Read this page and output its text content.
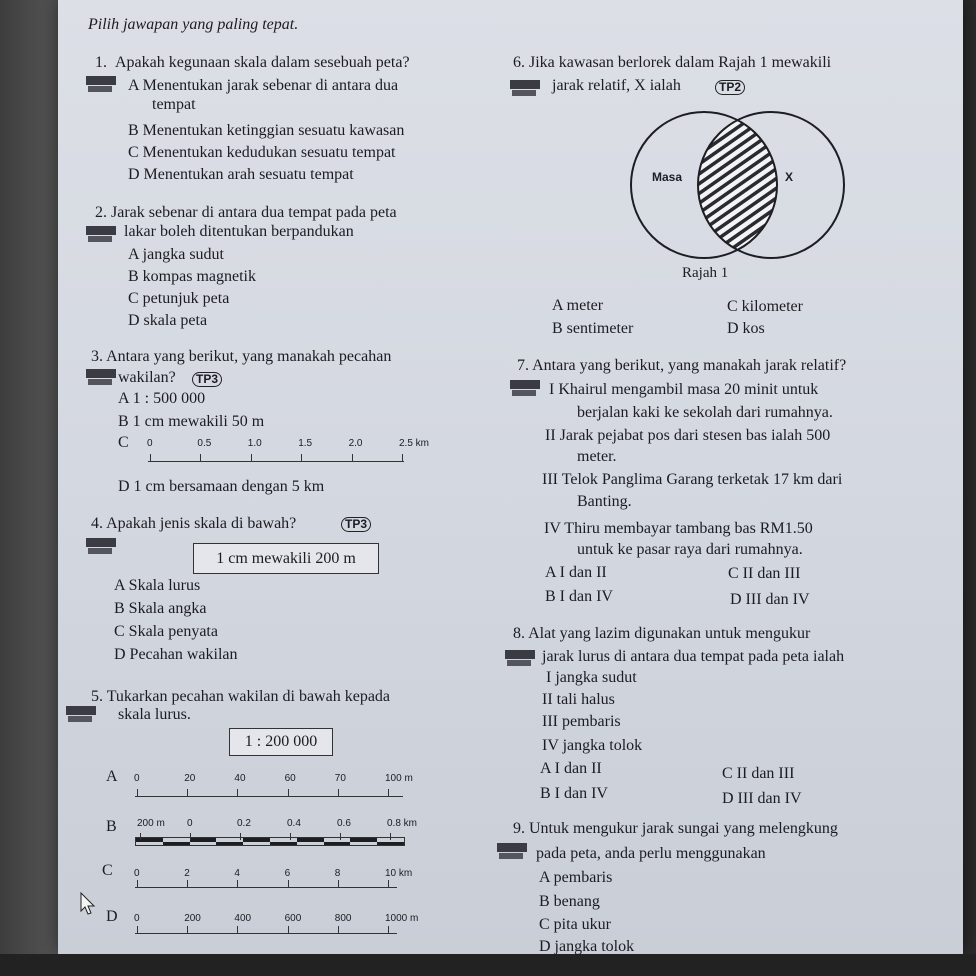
Pilih jawapan yang paling tepat.
1. Apakah kegunaan skala dalam sesebuah peta?
A Menentukan jarak sebenar di antara dua
tempat
B Menentukan ketinggian sesuatu kawasan
C Menentukan kedudukan sesuatu tempat
D Menentukan arah sesuatu tempat
2. Jarak sebenar di antara dua tempat pada peta
lakar boleh ditentukan berpandukan
A jangka sudut
B kompas magnetik
C petunjuk peta
D skala peta
3. Antara yang berikut, yang manakah pecahan
wakilan?	TP3
A 1 : 500 000
B 1 cm mewakili 50 m
C 0	0.5	1.0	1.5	2.0	2.5 km
D 1 cm bersamaan dengan 5 km
4. Apakah jenis skala di bawah?	TP3
1 cm mewakili 200 m
A Skala lurus
B Skala angka
C Skala penyata
D Pecahan wakilan
5. Tukarkan pecahan wakilan di bawah kepada
skala lurus.
1 : 200 000
A 0	20	40	60	70	100 m
B 200 m 0	0.2	0.4	0.6	0.8 km
C 0	2	4	6	8	10 km
D 0	200	400	600	800	1000 m
6. Jika kawasan berlorek dalam Rajah 1 mewakili
jarak relatif, X ialah	TP2
Masa	X
Rajah 1
A meter	C kilometer
B sentimeter	D kos
7. Antara yang berikut, yang manakah jarak relatif?
I Khairul mengambil masa 20 minit untuk
berjalan kaki ke sekolah dari rumahnya.
II Jarak pejabat pos dari stesen bas ialah 500
meter.
III Telok Panglima Garang terketak 17 km dari
Banting.
IV Thiru membayar tambang bas RM1.50
untuk ke pasar raya dari rumahnya.
A I dan II	C II dan III
B I dan IV	D III dan IV
8. Alat yang lazim digunakan untuk mengukur
jarak lurus di antara dua tempat pada peta ialah
I jangka sudut
II tali halus
III pembaris
IV jangka tolok
A I dan II	C II dan III
B I dan IV	D III dan IV
9. Untuk mengukur jarak sungai yang melengkung
pada peta, anda perlu menggunakan
A pembaris
B benang
C pita ukur
D jangka tolok
